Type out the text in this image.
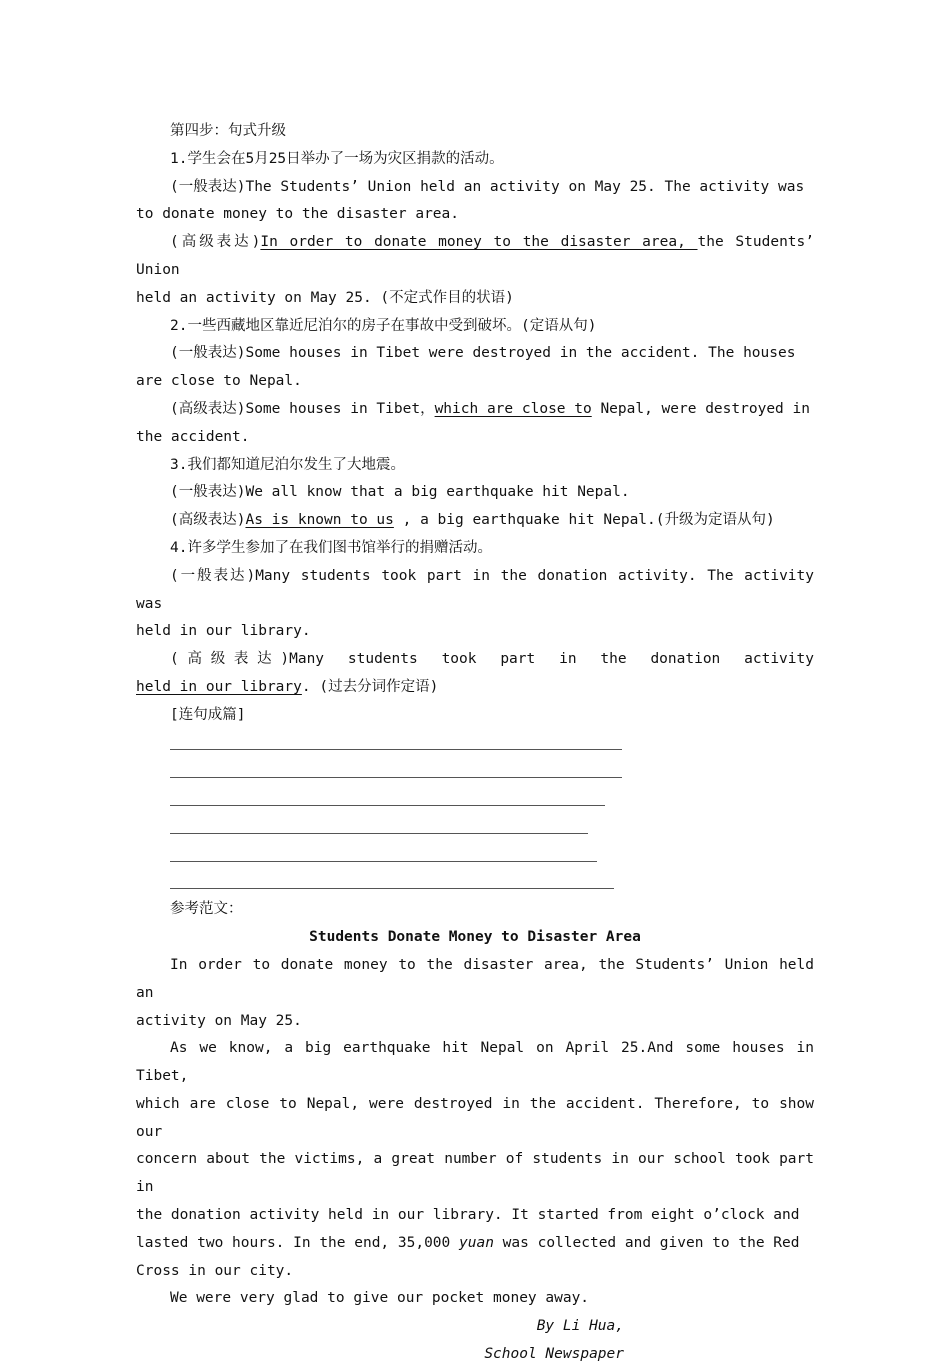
第四步：句式升级

1.学生会在5月25日举办了一场为灾区捐款的活动。

(一般表达)The Students’ Union held an activity on May 25. The activity was

to donate money to the disaster area.

(高级表达)In order to donate money to the disaster area, the Students’ Union

held an activity on May 25. (不定式作目的状语)

2.一些西藏地区靠近尼泊尔的房子在事故中受到破坏。(定语从句)

(一般表达)Some houses in Tibet were destroyed in the accident. The houses

are close to Nepal.

(高级表达)Some houses in Tibet，which are close to Nepal, were destroyed in

the accident.

3.我们都知道尼泊尔发生了大地震。

(一般表达)We all know that a big earthquake hit Nepal.

(高级表达)As is known to us , a big earthquake hit Nepal.(升级为定语从句)

4.许多学生参加了在我们图书馆举行的捐赠活动。

(一般表达)Many students took part in the donation activity. The activity was

held in our library.

( 高 级 表 达 )Many students took part in the donation activity

held in our library. (过去分词作定语)

[连句成篇]

参考范文：

Students Donate Money to Disaster Area

In order to donate money to the disaster area, the Students’ Union held an

activity on May 25.

As we know, a big earthquake hit Nepal on April 25.And some houses in Tibet,

which are close to Nepal, were destroyed in the accident. Therefore, to show our

concern about the victims, a great number of students in our school took part in

the donation activity held in our library. It started from eight o’clock and

lasted two hours. In the end, 35,000 yuan was collected and given to the Red

Cross in our city.

We were very glad to give our pocket money away.

By Li Hua,

School Newspaper
